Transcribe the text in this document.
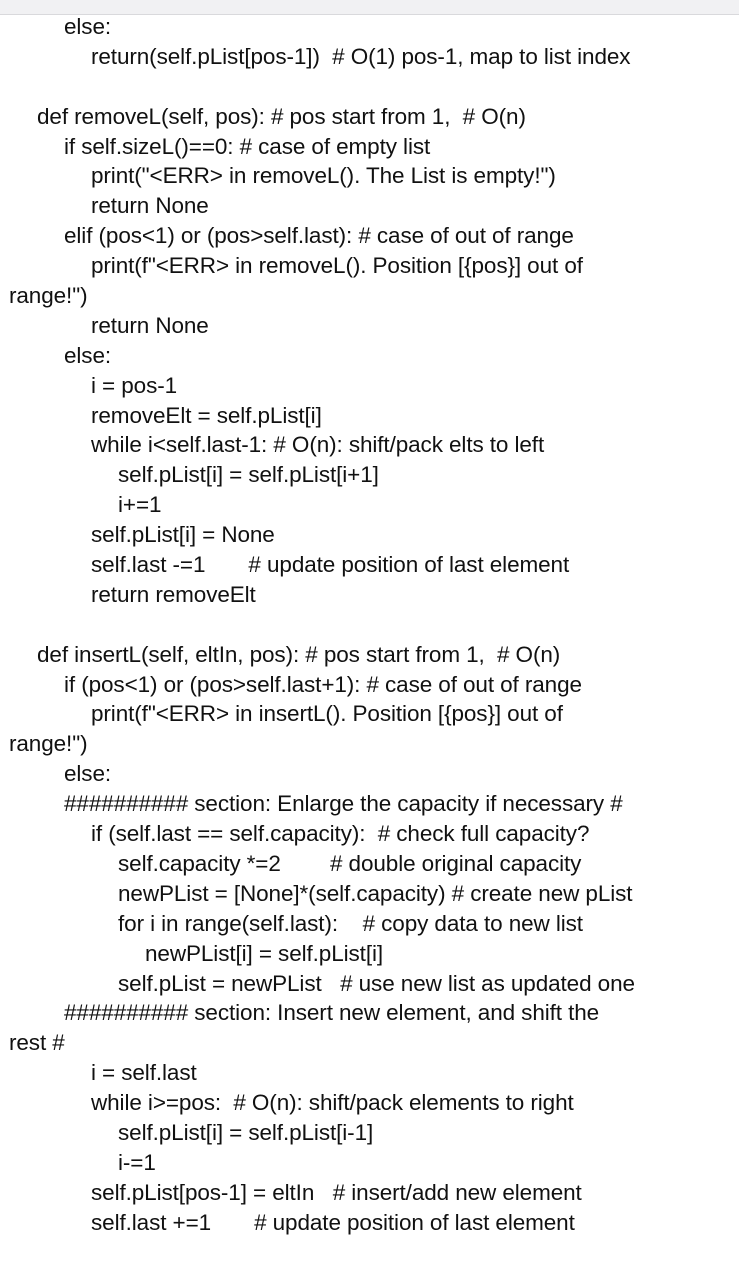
else:
return(self.pList[pos-1])  # O(1) pos-1, map to list index
def removeL(self, pos): # pos start from 1,  # O(n)
if self.sizeL()==0: # case of empty list
print("<ERR> in removeL(). The List is empty!")
return None
elif (pos<1) or (pos>self.last): # case of out of range
print(f"<ERR> in removeL(). Position [{pos}] out of
range!")
return None
else:
i = pos-1
removeElt = self.pList[i]
while i<self.last-1: # O(n): shift/pack elts to left
self.pList[i] = self.pList[i+1]
i+=1
self.pList[i] = None
self.last -=1       # update position of last element
return removeElt
def insertL(self, eltIn, pos): # pos start from 1,  # O(n)
if (pos<1) or (pos>self.last+1): # case of out of range
print(f"<ERR> in insertL(). Position [{pos}] out of
range!")
else:
########## section: Enlarge the capacity if necessary #
if (self.last == self.capacity):  # check full capacity?
self.capacity *=2        # double original capacity
newPList = [None]*(self.capacity) # create new pList
for i in range(self.last):    # copy data to new list
newPList[i] = self.pList[i]
self.pList = newPList   # use new list as updated one
########## section: Insert new element, and shift the
rest #
i = self.last
while i>=pos:  # O(n): shift/pack elements to right
self.pList[i] = self.pList[i-1]
i-=1
self.pList[pos-1] = eltIn   # insert/add new element
self.last +=1       # update position of last element
